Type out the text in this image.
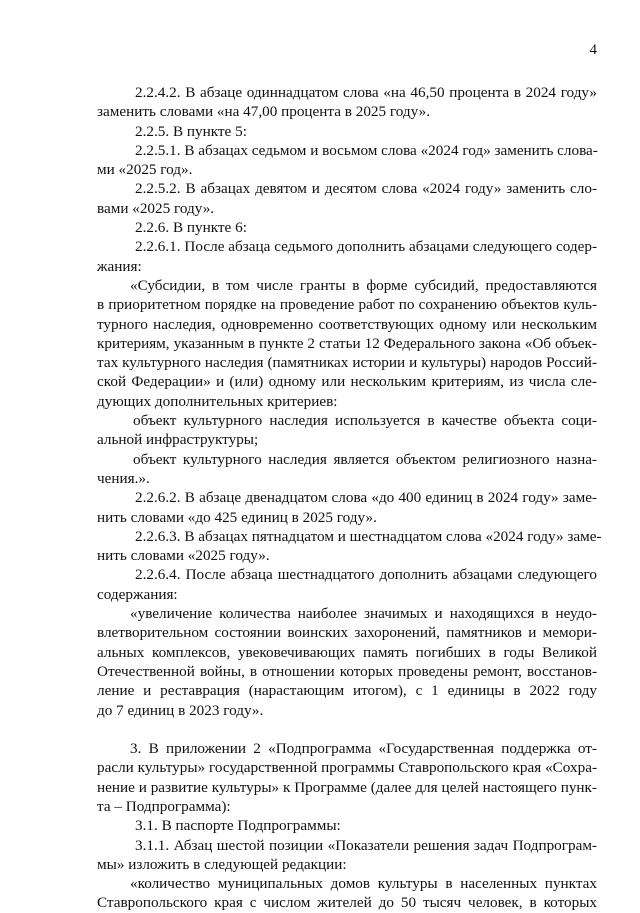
4
2.2.4.2. В абзаце одиннадцатом слова «на 46,50 процента в 2024 году»
заменить словами «на 47,00 процента в 2025 году».
2.2.5. В пункте 5:
2.2.5.1. В абзацах седьмом и восьмом слова «2024 год» заменить слова-
ми «2025 год».
2.2.5.2. В абзацах девятом и десятом слова «2024 году» заменить сло-
вами «2025 году».
2.2.6. В пункте 6:
2.2.6.1. После абзаца седьмого дополнить абзацами следующего содер-
жания:
«Субсидии, в том числе гранты в форме субсидий, предоставляются
в приоритетном порядке на проведение работ по сохранению объектов куль-
турного наследия, одновременно соответствующих одному или нескольким
критериям, указанным в пункте 2 статьи 12 Федерального закона «Об объек-
тах культурного наследия (памятниках истории и культуры) народов Россий-
ской Федерации» и (или) одному или нескольким критериям, из числа сле-
дующих дополнительных критериев:
объект культурного наследия используется в качестве объекта соци-
альной инфраструктуры;
объект культурного наследия является объектом религиозного назна-
чения.».
2.2.6.2. В абзаце двенадцатом слова «до 400 единиц в 2024 году» заме-
нить словами «до 425 единиц в 2025 году».
2.2.6.3. В абзацах пятнадцатом и шестнадцатом слова «2024 году» заме-
нить словами «2025 году».
2.2.6.4. После абзаца шестнадцатого дополнить абзацами следующего
содержания:
«увеличение количества наиболее значимых и находящихся в неудо-
влетворительном состоянии воинских захоронений, памятников и мемори-
альных комплексов, увековечивающих память погибших в годы Великой
Отечественной войны, в отношении которых проведены ремонт, восстанов-
ление и реставрация (нарастающим итогом), с 1 единицы в 2022 году
до 7 единиц в 2023 году».
3. В приложении 2 «Подпрограмма «Государственная поддержка от-
расли культуры» государственной программы Ставропольского края «Сохра-
нение и развитие культуры» к Программе (далее для целей настоящего пунк-
та – Подпрограмма):
3.1. В паспорте Подпрограммы:
3.1.1. Абзац шестой позиции «Показатели решения задач Подпрограм-
мы» изложить в следующей редакции:
«количество муниципальных домов культуры в населенных пунктах
Ставропольского края с числом жителей до 50 тысяч человек, в которых
